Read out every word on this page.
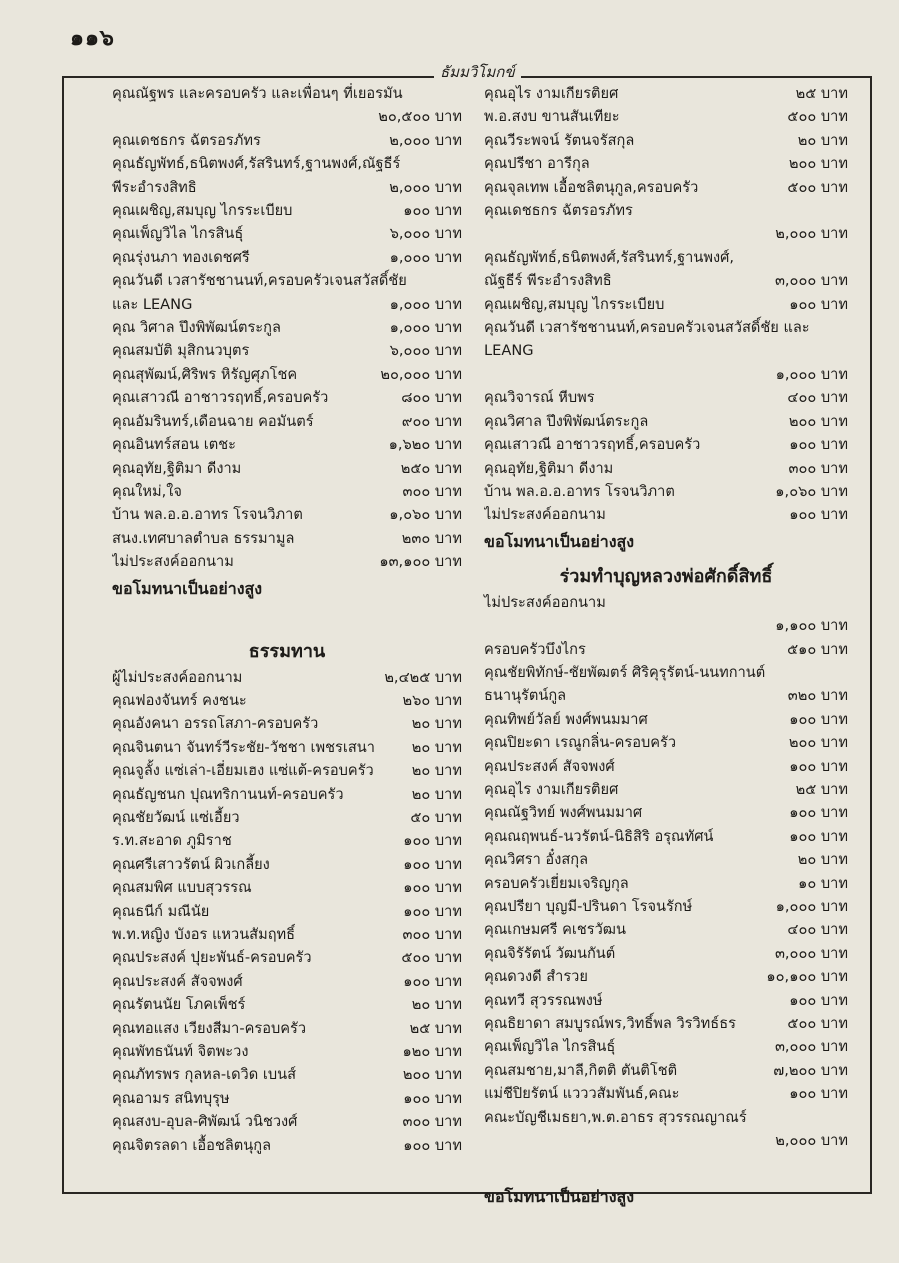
๑๑๖
ธัมมวิโมกข์
คุณณัฐพร และครอบครัว และเพื่อนๆ ที่เยอรมัน
๒๐,๕๐๐ บาท
คุณเดชธกร ฉัตรอรภัทร	๒,๐๐๐ บาท
คุณธัญพัทธ์,ธนิตพงศ์,รัสรินทร์,ฐานพงศ์,ณัฐธีร์
พีระอำรงสิทธิ	๒,๐๐๐ บาท
คุณเผชิญ,สมบุญ ไกรระเบียบ	๑๐๐ บาท
คุณเพ็ญวิไล ไกรสินธุ์	๖,๐๐๐ บาท
คุณรุ่งนภา ทองเดชศรี	๑,๐๐๐ บาท
คุณวันดี เวสารัชชานนท์,ครอบครัวเจนสวัสดิ์ชัย
และ LEANG	๑,๐๐๐ บาท
คุณ วิศาล ปึงพิพัฒน์ตระกูล	๑,๐๐๐ บาท
คุณสมบัติ มุสิกนวบุตร	๖,๐๐๐ บาท
คุณสุพัฒน์,ศิริพร หิรัญศุภโชค	๒๐,๐๐๐ บาท
คุณเสาวณี อาชาวรฤทธิ์,ครอบครัว	๘๐๐ บาท
คุณอัมรินทร์,เดือนฉาย คอมันตร์	๙๐๐ บาท
คุณอินทร์สอน เตชะ	๑,๖๒๐ บาท
คุณอุทัย,ฐิติมา ดีงาม	๒๕๐ บาท
คุณใหม่,ใจ	๓๐๐ บาท
บ้าน พล.อ.อ.อาทร โรจนวิภาต	๑,๐๖๐ บาท
สนง.เทศบาลตำบล ธรรมามูล	๒๓๐ บาท
ไม่ประสงค์ออกนาม	๑๓,๑๐๐ บาท
ขอโมทนาเป็นอย่างสูง
ธรรมทาน
ผู้ไม่ประสงค์ออกนาม	๒,๔๒๕ บาท
คุณฟองจันทร์ คงชนะ	๒๖๐ บาท
คุณอังคนา อรรถโสภา-ครอบครัว	๒๐ บาท
คุณจินตนา จันทร์วีระชัย-วัชชา เพชรเสนา	๒๐ บาท
คุณจูลั้ง แซ่เล่า-เอี่ยมเฮง แซ่แต้-ครอบครัว	๒๐ บาท
คุณธัญชนก ปุณทริกานนท์-ครอบครัว	๒๐ บาท
คุณชัยวัฒน์ แซ่เอี้ยว	๕๐ บาท
ร.ท.สะอาด ภูมิราช	๑๐๐ บาท
คุณศรีเสาวรัตน์ ผิวเกลี้ยง	๑๐๐ บาท
คุณสมพิศ แบบสุวรรณ	๑๐๐ บาท
คุณธนีก์ มณีนัย	๑๐๐ บาท
พ.ท.หญิง บังอร แหวนสัมฤทธิ์	๓๐๐ บาท
คุณประสงค์ ปุยะพันธ์-ครอบครัว	๕๐๐ บาท
คุณประสงค์ สัจจพงศ์	๑๐๐ บาท
คุณรัตนนัย โภคเพ็ชร์	๒๐ บาท
คุณทอแสง เวียงสีมา-ครอบครัว	๒๕ บาท
คุณพัทธนันท์ จิตพะวง	๑๒๐ บาท
คุณภัทรพร กุลหล-เดวิด เบนส์	๒๐๐ บาท
คุณอามร สนิทบุรุษ	๑๐๐ บาท
คุณสงบ-อุบล-ศิพัฒน์ วนิชวงศ์	๓๐๐ บาท
คุณจิตรลดา เอื้อชลิตนุกูล	๑๐๐ บาท
คุณอุไร งามเกียรติยศ	๒๕ บาท
พ.อ.สงบ ขานสันเทียะ	๕๐๐ บาท
คุณวีระพจน์ รัตนจรัสกุล	๒๐ บาท
คุณปรีชา อารีกุล	๒๐๐ บาท
คุณจุลเทพ เอื้อชลิตนุกูล,ครอบครัว	๕๐๐ บาท
คุณเดชธกร ฉัตรอรภัทร
๒,๐๐๐ บาท
คุณธัญพัทธ์,ธนิตพงศ์,รัสรินทร์,ฐานพงศ์,
ณัฐธีร์ พีระอำรงสิทธิ	๓,๐๐๐ บาท
คุณเผชิญ,สมบุญ ไกรระเบียบ	๑๐๐ บาท
คุณวันดี เวสารัชชานนท์,ครอบครัวเจนสวัสดิ์ชัย และ
LEANG
๑,๐๐๐ บาท
คุณวิจารณ์ หีบพร	๔๐๐ บาท
คุณวิศาล ปึงพิพัฒน์ตระกูล	๒๐๐ บาท
คุณเสาวณี อาชาวรฤทธิ์,ครอบครัว	๑๐๐ บาท
คุณอุทัย,ฐิติมา ดีงาม	๓๐๐ บาท
บ้าน พล.อ.อ.อาทร โรจนวิภาต	๑,๐๖๐ บาท
ไม่ประสงค์ออกนาม	๑๐๐ บาท
ขอโมทนาเป็นอย่างสูง
ร่วมทำบุญหลวงพ่อศักดิ์สิทธิ์
ไม่ประสงค์ออกนาม
๑,๑๐๐ บาท
ครอบครัวบึงไกร	๕๑๐ บาท
คุณชัยพิทักษ์-ชัยพัฒตร์ ศิริคุรุรัตน์-นนทกานต์
ธนานุรัตน์กูล	๓๒๐ บาท
คุณทิพย์วัลย์ พงศ์พนมมาศ	๑๐๐ บาท
คุณปิยะดา เรณูกลิ่น-ครอบครัว	๒๐๐ บาท
คุณประสงค์ สัจจพงศ์	๑๐๐ บาท
คุณอุไร งามเกียรติยศ	๒๕ บาท
คุณณัฐวิทย์ พงศ์พนมมาศ	๑๐๐ บาท
คุณณฤพนธ์-นวรัตน์-นิธิสิริ อรุณทัศน์	๑๐๐ บาท
คุณวิศรา อั๋งสกุล	๒๐ บาท
ครอบครัวเยี่ยมเจริญกุล	๑๐ บาท
คุณปรียา บุญมี-ปรินดา โรจนรักษ์	๑,๐๐๐ บาท
คุณเกษมศรี คเชรวัฒน	๔๐๐ บาท
คุณจิรัรัตน์ วัฒนกันต์	๓,๐๐๐ บาท
คุณดวงดี สำรวย	๑๐,๑๐๐ บาท
คุณทวี สุวรรณพงษ์	๑๐๐ บาท
คุณธิยาดา สมบูรณ์พร,วิทธิ์พล วิรวิทธ์ธร	๕๐๐ บาท
คุณเพ็ญวิไล ไกรสินธุ์	๓,๐๐๐ บาท
คุณสมชาย,มาลี,กิตติ ตันติโชติ	๗,๒๐๐ บาท
แม่ชีปิยรัตน์ แวววสัมพันธ์,คณะ	๑๐๐ บาท
คณะบัญชีเมธยา,พ.ต.อาธร สุวรรณญาณร์
๒,๐๐๐ บาท
ขอโมทนาเป็นอย่างสูง
